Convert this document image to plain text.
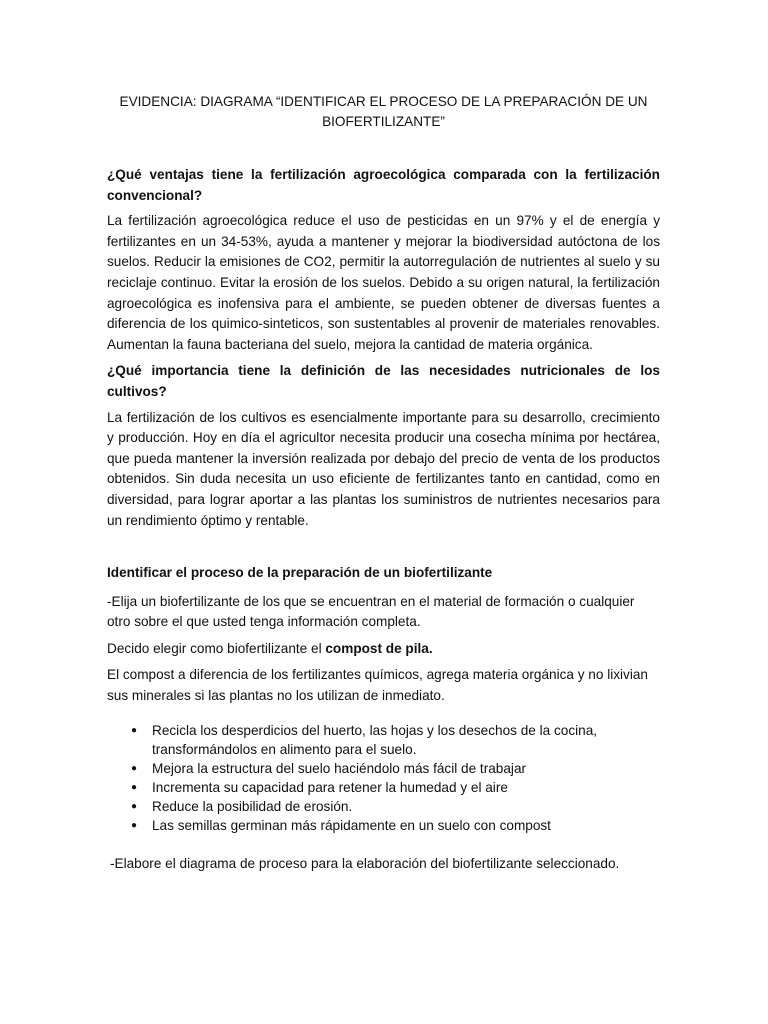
EVIDENCIA: DIAGRAMA “IDENTIFICAR EL PROCESO DE LA PREPARACIÓN DE UN
BIOFERTILIZANTE”
¿Qué ventajas tiene la fertilización agroecológica comparada con la fertilización convencional?
La fertilización agroecológica reduce el uso de pesticidas en un 97% y el de energía y fertilizantes en un 34-53%, ayuda a mantener y mejorar la biodiversidad autóctona de los suelos. Reducir la emisiones de CO2, permitir la autorregulación de nutrientes al suelo y su reciclaje continuo. Evitar la erosión de los suelos. Debido a su origen natural, la fertilización agroecológica es inofensiva para el ambiente, se pueden obtener de diversas fuentes a diferencia de los quimico-sinteticos, son sustentables al provenir de materiales renovables. Aumentan la fauna bacteriana del suelo, mejora la cantidad de materia orgánica.
¿Qué importancia tiene la definición de las necesidades nutricionales de los cultivos?
La fertilización de los cultivos es esencialmente importante para su desarrollo, crecimiento y producción. Hoy en día el agricultor necesita producir una cosecha mínima por hectárea, que pueda mantener la inversión realizada por debajo del precio de venta de los productos obtenidos. Sin duda necesita un uso eficiente de fertilizantes tanto en cantidad, como en diversidad, para lograr aportar a las plantas los suministros de nutrientes necesarios para un rendimiento óptimo y rentable.
Identificar el proceso de la preparación de un biofertilizante
-Elija un biofertilizante de los que se encuentran en el material de formación o cualquier otro sobre el que usted tenga información completa.
Decido elegir como biofertilizante el compost de pila.
El compost a diferencia de los fertilizantes químicos, agrega materia orgánica y no lixivian sus minerales si las plantas no los utilizan de inmediato.
● Recicla los desperdicios del huerto, las hojas y los desechos de la cocina, transformándolos en alimento para el suelo.
● Mejora la estructura del suelo haciéndolo más fácil de trabajar
● Incrementa su capacidad para retener la humedad y el aire
● Reduce la posibilidad de erosión.
● Las semillas germinan más rápidamente en un suelo con compost
-Elabore el diagrama de proceso para la elaboración del biofertilizante seleccionado.
